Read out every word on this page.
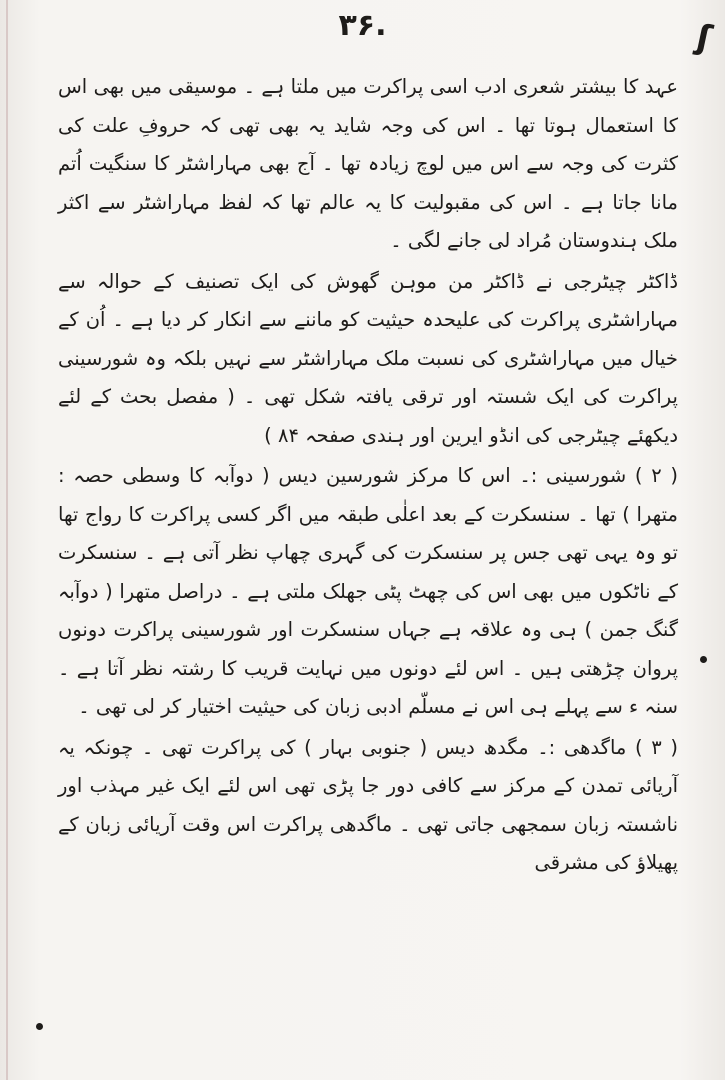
۳۶.	ʃ

عہد کا بیشتر شعری ادب اسی پراکرت میں ملتا ہے ۔ موسیقی میں بھی اس کا استعمال ہوتا تھا ۔ اس کی وجہ شاید یہ بھی تھی کہ حروفِ علت کی کثرت کی وجہ سے اس میں لوچ زیادہ تھا ۔ آج بھی مہاراشٹر کا سنگیت اُتم مانا جاتا ہے ۔ اس کی مقبولیت کا یہ عالم تھا کہ لفظ مہاراشٹر سے اکثر ملک ہندوستان مُراد لی جانے لگی ۔

ڈاکٹر چیٹرجی نے ڈاکٹر من موہن گھوش کی ایک تصنیف کے حوالہ سے مہاراشٹری پراکرت کی علیحدہ حیثیت کو ماننے سے انکار کر دیا ہے ۔ اُن کے خیال میں مہاراشٹری کی نسبت ملک مہاراشٹر سے نہیں بلکہ وہ شورسینی پراکرت کی ایک شستہ اور ترقی یافتہ شکل تھی ۔ ( مفصل بحث کے لئے دیکھئے چیٹرجی کی انڈو ایرین اور ہندی صفحہ ۸۴ )

( ۲ ) شورسینی :۔ اس کا مرکز شورسین دیس ( دوآبہ کا وسطی حصہ : متھرا ) تھا ۔ سنسکرت کے بعد اعلٰی طبقہ میں اگر کسی پراکرت کا رواج تھا تو وہ یہی تھی جس پر سنسکرت کی گہری چھاپ نظر آتی ہے ۔ سنسکرت کے ناٹکوں میں بھی اس کی چھٹ پٹی جھلک ملتی ہے ۔ دراصل متھرا ( دوآبہ گنگ جمن ) ہی وہ علاقہ ہے جہاں سنسکرت اور شورسینی پراکرت دونوں پروان چڑھتی ہیں ۔ اس لئے دونوں میں نہایت قریب کا رشتہ نظر آتا ہے ۔ سنہ ء سے پہلے ہی اس نے مسلّم ادبی زبان کی حیثیت اختیار کر لی تھی ۔

( ۳ ) ماگدھی :۔ مگدھ دیس ( جنوبی بہار ) کی پراکرت تھی ۔ چونکہ یہ آریائی تمدن کے مرکز سے کافی دور جا پڑی تھی اس لئے ایک غیر مہذب اور ناشستہ زبان سمجھی جاتی تھی ۔ ماگدھی پراکرت اس وقت آریائی زبان کے پھیلاؤ کی مشرقی
